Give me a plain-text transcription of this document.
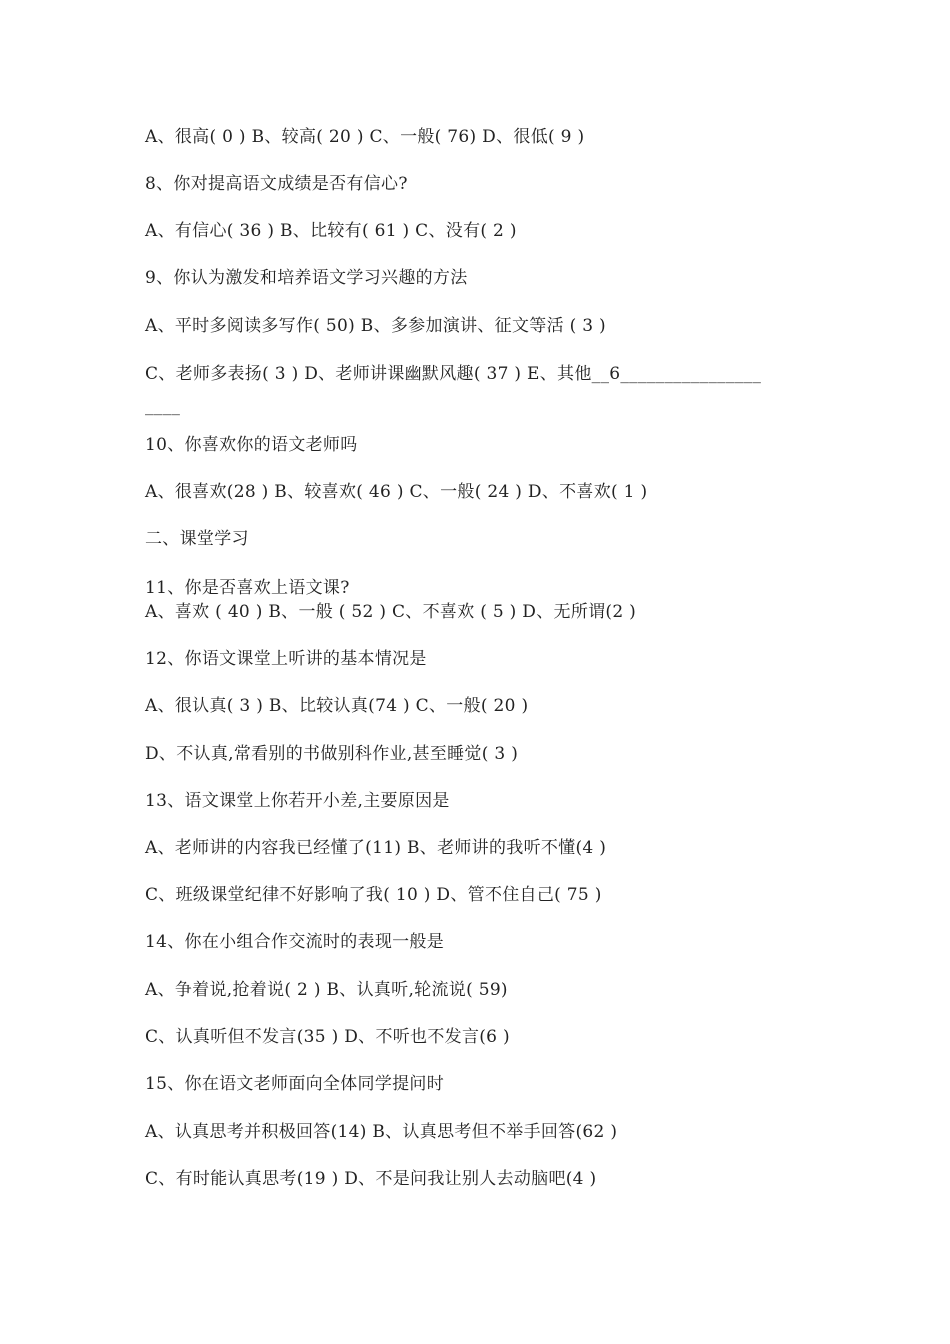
A、很高( 0 ) B、较高( 20 ) C、一般( 76) D、很低( 9 )
8、你对提高语文成绩是否有信心?
A、有信心( 36 ) B、比较有( 61 ) C、没有( 2 )
9、你认为激发和培养语文学习兴趣的方法
A、平时多阅读多写作( 50) B、多参加演讲、征文等活 ( 3 )
C、老师多表扬( 3 ) D、老师讲课幽默风趣( 37 ) E、其他__6________________
____
10、你喜欢你的语文老师吗
A、很喜欢(28 ) B、较喜欢( 46 ) C、一般( 24 ) D、不喜欢( 1 )
二、课堂学习
11、你是否喜欢上语文课?
A、喜欢 ( 40 ) B、一般 ( 52 ) C、不喜欢 ( 5 ) D、无所谓(2 )
12、你语文课堂上听讲的基本情况是
A、很认真( 3 ) B、比较认真(74 ) C、一般( 20 )
D、不认真,常看别的书做别科作业,甚至睡觉( 3 )
13、语文课堂上你若开小差,主要原因是
A、老师讲的内容我已经懂了(11) B、老师讲的我听不懂(4 )
C、班级课堂纪律不好影响了我( 10 ) D、管不住自己( 75 )
14、你在小组合作交流时的表现一般是
A、争着说,抢着说( 2 ) B、认真听,轮流说( 59)
C、认真听但不发言(35 ) D、不听也不发言(6 )
15、你在语文老师面向全体同学提问时
A、认真思考并积极回答(14) B、认真思考但不举手回答(62 )
C、有时能认真思考(19 ) D、不是问我让别人去动脑吧(4 )
